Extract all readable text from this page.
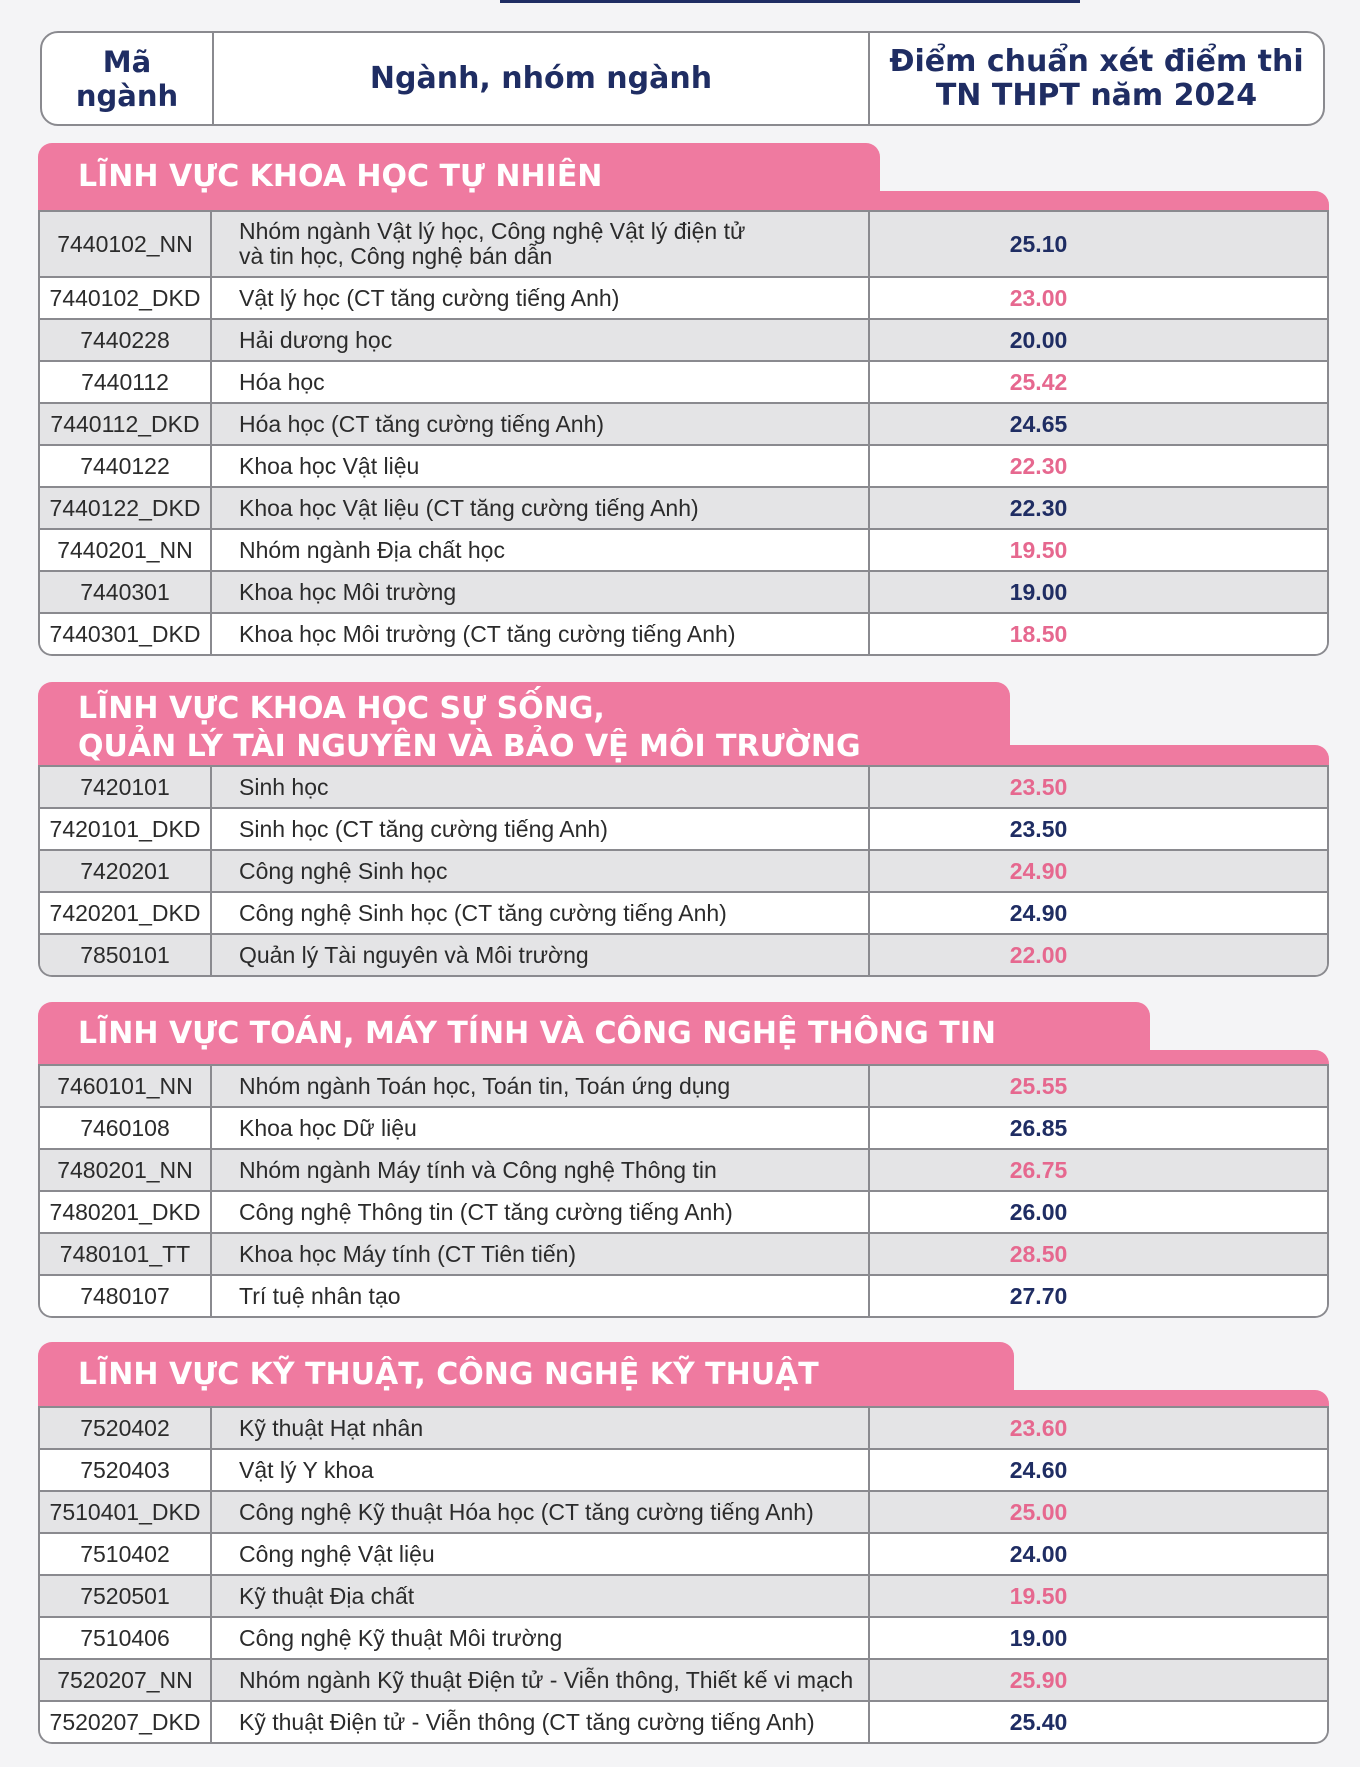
Mã
ngành	Ngành, nhóm ngành	Điểm chuẩn xét điểm thi
TN THPT năm 2024
LĨNH VỰC KHOA HỌC TỰ NHIÊN
7440102_NN	Nhóm ngành Vật lý học, Công nghệ Vật lý điện tử
và tin học, Công nghệ bán dẫn	25.10
7440102_DKD	Vật lý học (CT tăng cường tiếng Anh)	23.00
7440228	Hải dương học	20.00
7440112	Hóa học	25.42
7440112_DKD	Hóa học (CT tăng cường tiếng Anh)	24.65
7440122	Khoa học Vật liệu	22.30
7440122_DKD	Khoa học Vật liệu (CT tăng cường tiếng Anh)	22.30
7440201_NN	Nhóm ngành Địa chất học	19.50
7440301	Khoa học Môi trường	19.00
7440301_DKD	Khoa học Môi trường (CT tăng cường tiếng Anh)	18.50
LĨNH VỰC KHOA HỌC SỰ SỐNG,
QUẢN LÝ TÀI NGUYÊN VÀ BẢO VỆ MÔI TRƯỜNG
7420101	Sinh học	23.50
7420101_DKD	Sinh học (CT tăng cường tiếng Anh)	23.50
7420201	Công nghệ Sinh học	24.90
7420201_DKD	Công nghệ Sinh học (CT tăng cường tiếng Anh)	24.90
7850101	Quản lý Tài nguyên và Môi trường	22.00
LĨNH VỰC TOÁN, MÁY TÍNH VÀ CÔNG NGHỆ THÔNG TIN
7460101_NN	Nhóm ngành Toán học, Toán tin, Toán ứng dụng	25.55
7460108	Khoa học Dữ liệu	26.85
7480201_NN	Nhóm ngành Máy tính và Công nghệ Thông tin	26.75
7480201_DKD	Công nghệ Thông tin (CT tăng cường tiếng Anh)	26.00
7480101_TT	Khoa học Máy tính (CT Tiên tiến)	28.50
7480107	Trí tuệ nhân tạo	27.70
LĨNH VỰC KỸ THUẬT, CÔNG NGHỆ KỸ THUẬT
7520402	Kỹ thuật Hạt nhân	23.60
7520403	Vật lý Y khoa	24.60
7510401_DKD	Công nghệ Kỹ thuật Hóa học (CT tăng cường tiếng Anh)	25.00
7510402	Công nghệ Vật liệu	24.00
7520501	Kỹ thuật Địa chất	19.50
7510406	Công nghệ Kỹ thuật Môi trường	19.00
7520207_NN	Nhóm ngành Kỹ thuật Điện tử - Viễn thông, Thiết kế vi mạch	25.90
7520207_DKD	Kỹ thuật Điện tử - Viễn thông (CT tăng cường tiếng Anh)	25.40
